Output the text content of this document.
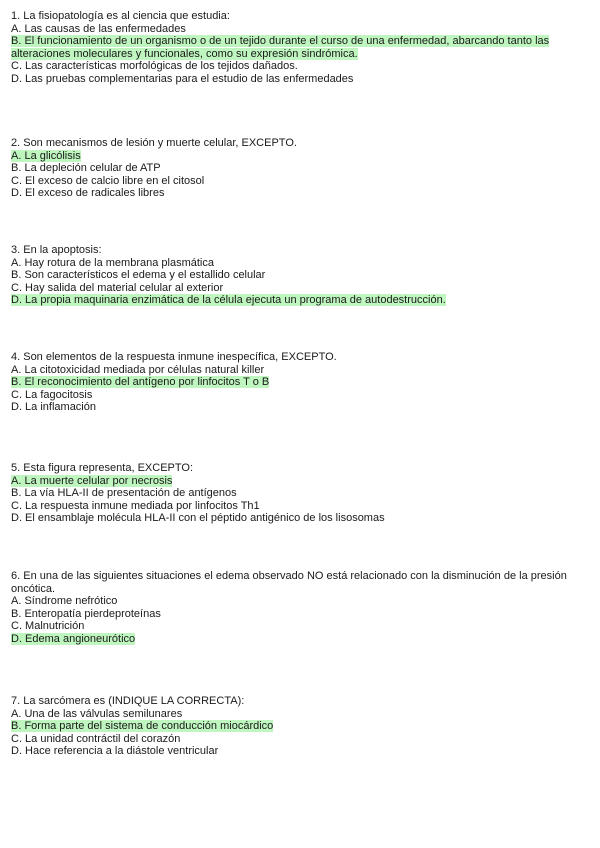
1. La fisiopatología es al ciencia que estudia:
A. Las causas de las enfermedades
B. El funcionamiento de un organismo o de un tejido durante el curso de una enfermedad, abarcando tanto las alteraciones moleculares y funcionales, como su expresión sindrómica.
C. Las características morfológicas de los tejidos dañados.
D. Las pruebas complementarias para el estudio de las enfermedades
2. Son mecanismos de lesión y muerte celular, EXCEPTO.
A. La glicólisis
B. La depleción celular de ATP
C. El exceso de calcio libre en el citosol
D. El exceso de radicales libres
3. En la apoptosis:
A. Hay rotura de la membrana plasmática
B. Son característicos el edema y el estallido celular
C. Hay salida del material celular al exterior
D. La propia maquinaria enzimática de la célula ejecuta un programa de autodestrucción.
4. Son elementos de la respuesta inmune inespecífica, EXCEPTO.
A. La citotoxicidad mediada por células natural killer
B. El reconocimiento del antígeno por linfocitos T o B
C. La fagocitosis
D. La inflamación
5. Esta figura representa, EXCEPTO:
A. La muerte celular por necrosis
B. La vía HLA-II de presentación de antígenos
C. La respuesta inmune mediada por linfocitos Th1
D. El ensamblaje molécula HLA-II con el péptido antigénico de los lisosomas
6. En una de las siguientes situaciones el edema observado NO está relacionado con la disminución de la presión oncótica.
A. Síndrome nefrótico
B. Enteropatía pierdeproteínas
C. Malnutrición
D. Edema angioneurótico
7. La sarcómera es (INDIQUE LA CORRECTA):
A. Una de las válvulas semilunares
B. Forma parte del sistema de conducción miocárdico
C. La unidad contráctil del corazón
D. Hace referencia a la diástole ventricular
